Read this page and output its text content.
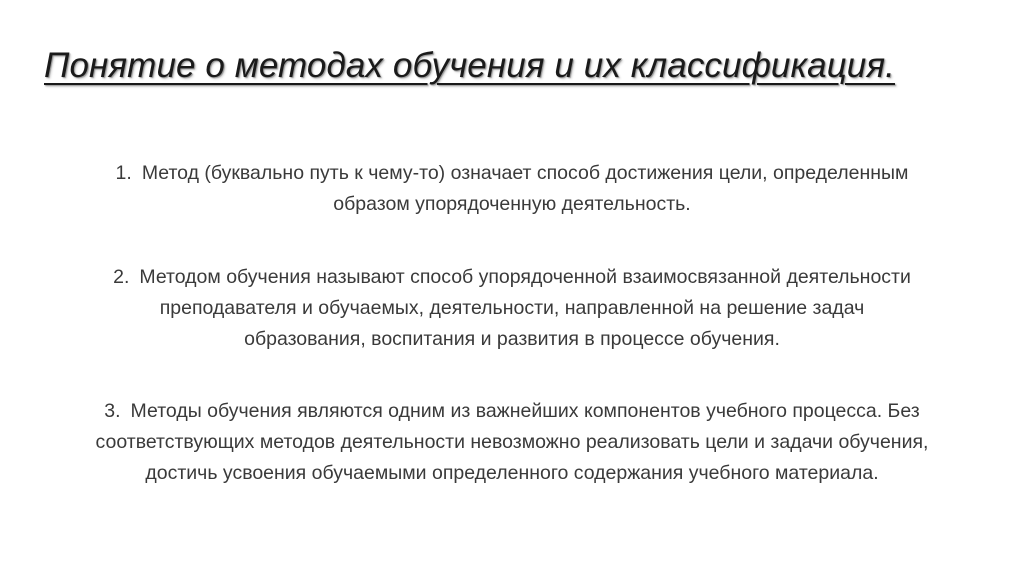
Понятие о методах обучения и их классификация.
1. Метод (буквально путь к чему-то) означает способ достижения цели, определенным
образом упорядоченную деятельность.
2. Методом обучения называют способ упорядоченной взаимосвязанной деятельности
преподавателя и обучаемых, деятельности, направленной на решение задач
образования, воспитания и развития в процессе обучения.
3. Методы обучения являются одним из важнейших компонентов учебного процесса. Без
соответствующих методов деятельности невозможно реализовать цели и задачи обучения,
достичь усвоения обучаемыми определенного содержания учебного материала.
